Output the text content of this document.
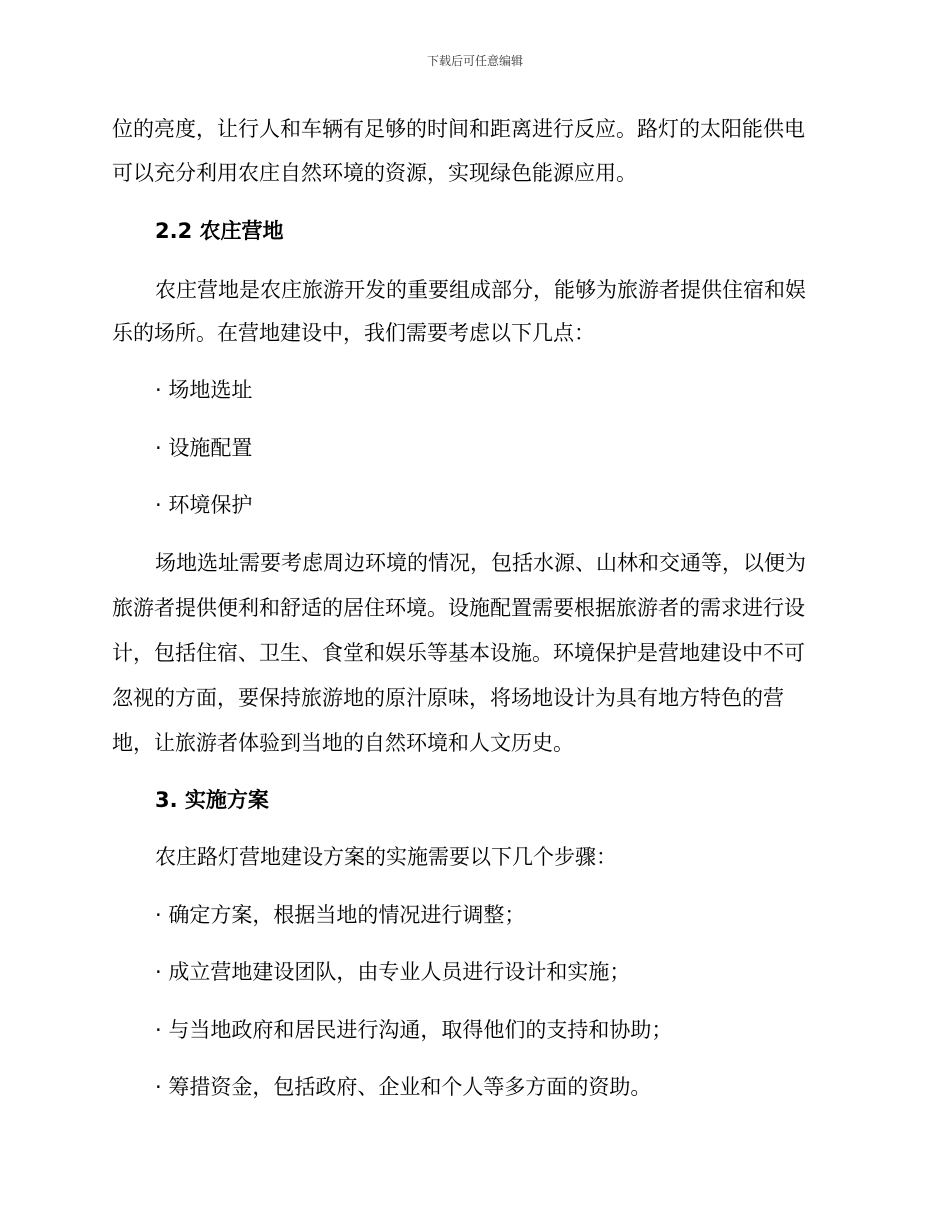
下载后可任意编辑
位的亮度，让行人和车辆有足够的时间和距离进行反应。路灯的太阳能供电
可以充分利用农庄自然环境的资源，实现绿色能源应用。
2.2 农庄营地
农庄营地是农庄旅游开发的重要组成部分，能够为旅游者提供住宿和娱
乐的场所。在营地建设中，我们需要考虑以下几点：
· 场地选址
· 设施配置
· 环境保护
场地选址需要考虑周边环境的情况，包括水源、山林和交通等，以便为
旅游者提供便利和舒适的居住环境。设施配置需要根据旅游者的需求进行设
计，包括住宿、卫生、食堂和娱乐等基本设施。环境保护是营地建设中不可
忽视的方面，要保持旅游地的原汁原味，将场地设计为具有地方特色的营
地，让旅游者体验到当地的自然环境和人文历史。
3. 实施方案
农庄路灯营地建设方案的实施需要以下几个步骤：
· 确定方案，根据当地的情况进行调整；
· 成立营地建设团队，由专业人员进行设计和实施；
· 与当地政府和居民进行沟通，取得他们的支持和协助；
· 筹措资金，包括政府、企业和个人等多方面的资助。
